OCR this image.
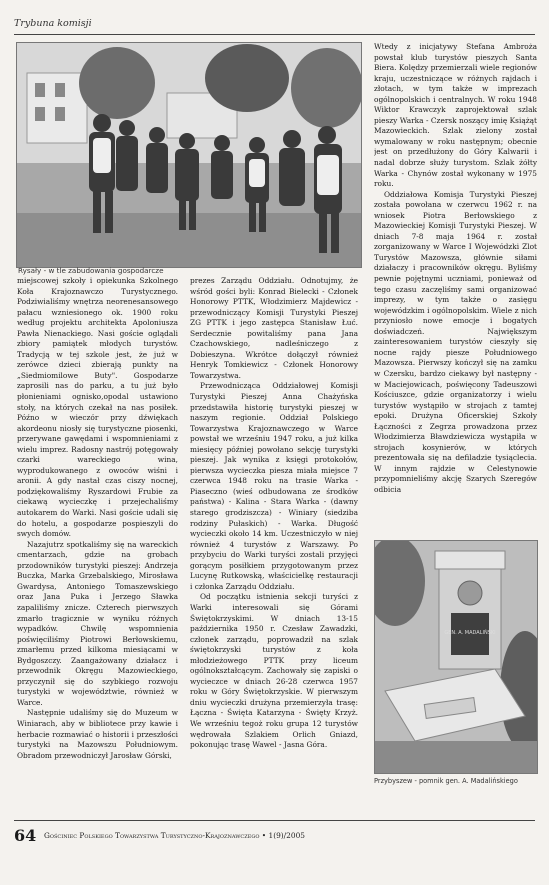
Trybuna komisji
Rysały - w tle zabudowania gospodarcze

miejscowej szkoły i opiekunka Szkolnego Koła Krajoznawczo Turystycznego. Podziwialiśmy wnętrza neorenesansowego pałacu wzniesionego ok. 1900 roku według projektu architekta Apoloniusza Pawła Nienackiego. Nasi goście oglądali zbiory pamiątek młodych turystów. Tradycją w tej szkole jest, że już w zerówce dzieci zbierają punkty na „Siedmiomilowe Buty". Gospodarze zaprosili nas do parku, a tu już było płonieniami ognisko,opodal ustawiono stoły, na których czekał na nas posiłek. Późno w wieczór przy dźwiękach akordeonu niosły się turystyczne piosenki, przerywane gawędami i wspomnieniami z wielu imprez. Radosny nastrój potęgowały czarki wareckiego wina, wyprodukowanego z owoców wiśni i aronii. A gdy nastał czas ciszy nocnej, podziękowaliśmy Ryszardowi Frubie za ciekawą wycieczkę i przejechaliśmy autokarem do Warki. Nasi goście udali się do hotelu, a gospodarze pospieszyli do swych domów.

Nazajutrz spotkaliśmy się na wareckich cmentarzach, gdzie na grobach przodowników turystyki pieszej: Andrzeja Buczka, Marka Grzebalskiego, Mirosława Gwardysa, Antoniego Tomaszewskiego oraz Jana Puka i Jerzego Sławka zapaliliśmy znicze. Czterech pierwszych zmarło tragicznie w wyniku różnych wypadków. Chwilę wspomnienia poświęciliśmy Piotrowi Berłowskiemu, zmarłemu przed kilkoma miesiącami w Bydgoszczy. Zaangażowany działacz i przewodnik Okręgu Mazowieckiego, przyczynił się do szybkiego rozwoju turystyki w województwie, również w Warce.

Następnie udaliśmy się do Muzeum w Winiarach, aby w bibliotece przy kawie i herbacie rozmawiać o historii i przeszłości turystyki na Mazowszu Południowym. Obradom przewodniczył Jarosław Górski,

prezes Zarządu Oddziału. Odnotujmy, że wśród gości byli: Konrad Bielecki - Członek Honorowy PTTK, Włodzimierz Majdewicz - przewodniczący Komisji Turystyki Pieszej ZG PTTK i jego zastępca Stanisław Łuć. Serdecznie powitaliśmy pana Jana Czachowskiego, nadleśniczego z Dobieszyna. Wkrótce dołączył również Henryk Tomkiewicz - Członek Honorowy Towarzystwa.

Przewodnicząca Oddziałowej Komisji Turystyki Pieszej Anna Chażyńska przedstawiła historię turystyki pieszej w naszym regionie. Oddział Polskiego Towarzystwa Krajoznawczego w Warce powstał we wrześniu 1947 roku, a już kilka miesięcy później powołano sekcję turystyki pieszej. Jak wynika z księgi protokołów, pierwsza wycieczka piesza miała miejsce 7 czerwca 1948 roku na trasie Warka - Piaseczno (wieś odbudowana ze środków państwa) - Kalina - Stara Warka - (dawny starego grodziszcza) - Winiary (siedziba rodziny Pułaskich) - Warka. Długość wycieczki około 14 km. Uczestniczyło w niej również 4 turystów z Warszawy. Po przybyciu do Warki turyści zostali przyjęci gorącym posiłkiem przygotowanym przez Lucynę Rutkowską, właścicielkę restauracji i członka Zarządu Oddziału.

Od początku istnienia sekcji turyści z Warki interesowali się Górami Świętokrzyskimi. W dniach 13-15 października 1950 r. Czesław Zawadzki, członek zarządu, poprowadził na szlak świętokrzyski turystów z koła młodzieżowego PTTK przy liceum ogólnokształcącym. Zachowały się zapiski o wycieczce w dniach 26-28 czerwca 1957 roku w Góry Świętokrzyskie. W pierwszym dniu wycieczki drużyna przemierzyła trasę: Łączna - Święta Katarzyna - Święty Krzyż. We wrześniu tegoż roku grupa 12 turystów wędrowała Szlakiem Orlich Gniazd, pokonując trasę Wawel - Jasna Góra.

Wtedy z inicjatywy Stefana Ambroża powstał klub turystów pieszych Santa Biera. Kolędzy przemierzali wiele regionów kraju, uczestniczące w różnych rajdach i złotach, w tym także w imprezach ogólnopolskich i centralnych. W roku 1948 Wiktor Krawczyk zaprojektował szlak pieszy Warka - Czersk noszący imię Książąt Mazowieckich. Szlak zielony został wymalowany w roku następnym; obecnie jest on przedłużony do Góry Kalwarii i nadal dobrze służy turystom. Szlak żółty Warka - Chynów został wykonany w 1975 roku.

Oddziałowa Komisja Turystyki Pieszej została powołana w czerwcu 1962 r. na wniosek Piotra Berłowskiego z Mazowieckiej Komisji Turystyki Pieszej. W dniach 7-8 maja 1964 r. został zorganizowany w Warce I Wojewódzki Zlot Turystów Mazowsza, głównie siłami działaczy i pracowników okręgu. Byliśmy pewnie pojętnymi uczniami, ponieważ od tego czasu zaczęliśmy sami organizować imprezy, w tym także o zasięgu wojewódzkim i ogólnopolskim. Wiele z nich przyniosło nowe emocje i bogatych doświadczeń. Największym zainteresowaniem turystów cieszyły się nocne rajdy piesze Południowego Mazowsza. Pierwszy kończył się na zamku w Czersku, bardzo ciekawy był następny - w Maciejowicach, poświęcony Tadeuszowi Kościuszce, gdzie organizatorzy i wielu turystów wystąpiło w strojach z tamtej epoki. Drużyna Oficerskiej Szkoły Łączności z Zegrza prowadzona przez Włodzimierza Bławdziewicza wystąpiła w strojach kosynierów, w których prezentowała się na defiladzie tysiąclecia. W innym rajdzie w Celestynowie przypomnieliśmy akcję Szarych Szeregów odbicia

GEN. A. MADALIŃSKI
Przybyszew - pomnik gen. A. Madalińskiego
64 Gościniec Polskiego Towarzystwa Turystyczno-Krajoznawczego • 1(9)/2005
